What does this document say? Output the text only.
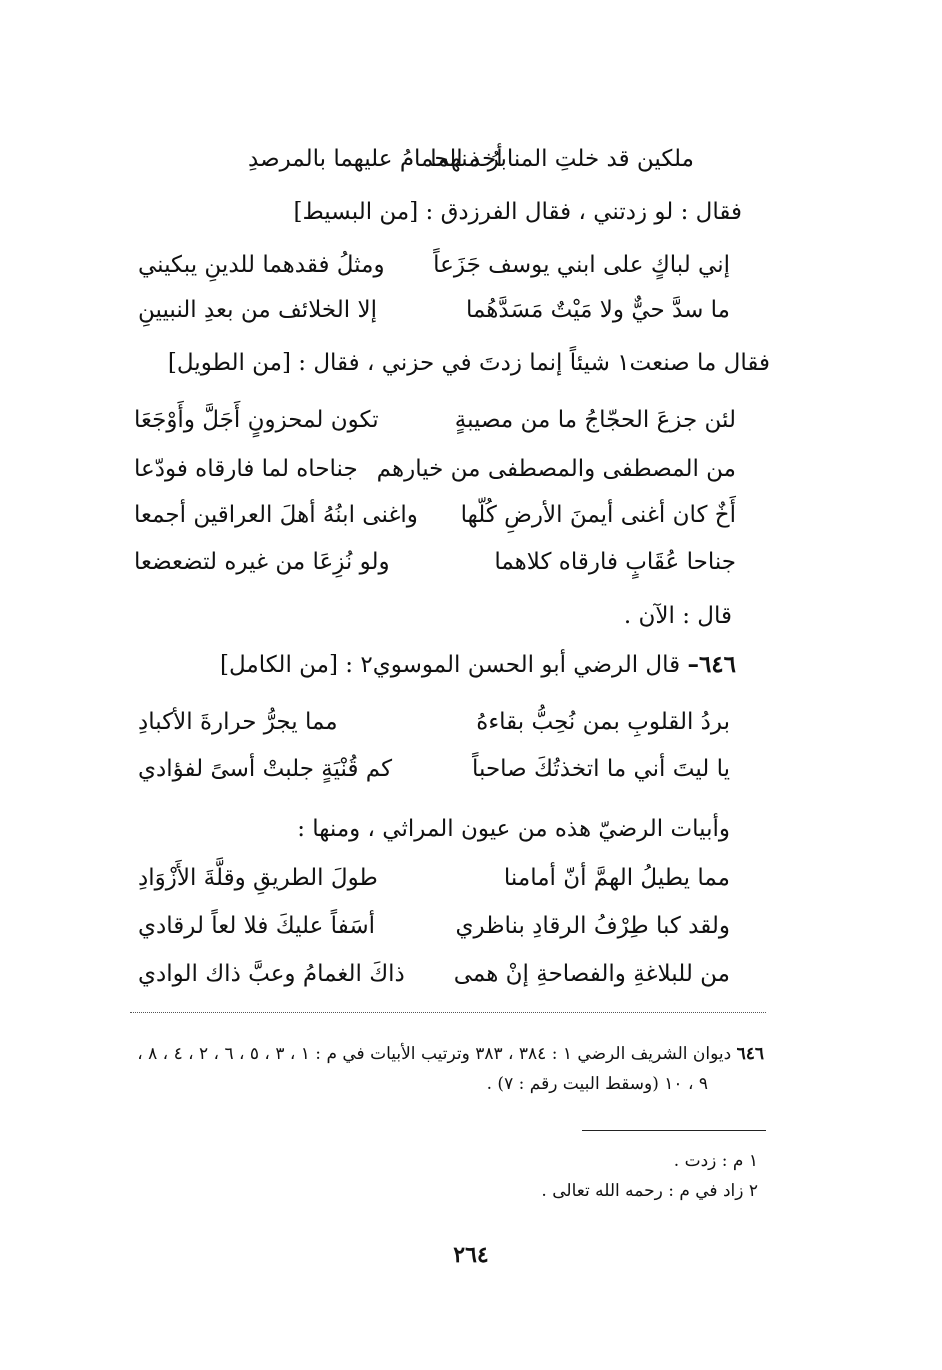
ملكين قد خلتِ المنابرُ منهما
أخذ الحمامُ عليهما بالمرصدِ
فقال : لو زدتني ، فقال الفرزدق : [من البسيط]
إني لباكٍ على ابني يوسف جَزَعاً
ومثلُ فقدهما للدينِ يبكيني
ما سدَّ حيٌّ ولا مَيْتٌ مَسَدَّهُما
إلا الخلائف من بعدِ النبيينِ
فقال ما صنعت١ شيئاً إنما زدتَ في حزني ، فقال : [من الطويل]
لئن جزعَ الحجّاجُ ما من مصيبةٍ
تكون لمحزونٍ أَجَلَّ وأَوْجَعَا
من المصطفى والمصطفى من خيارهم
جناحاه لما فارقاه فودّعا
أَخٌ كان أغنى أيمنَ الأرضِ كُلّها
واغنى ابنُهُ أهلَ العراقين أجمعا
جناحا عُقَابٍ فارقاه كلاهما
ولو نُزِعَا من غيره لتضعضعا
قال : الآن .
٦٤٦– قال الرضي أبو الحسن الموسوي٢ : [من الكامل]
بردُ القلوبِ بمن نُحِبُّ بقاءهُ
مما يجرُّ حرارةَ الأكبادِ
يا ليتَ أني ما اتخذتُكَ صاحباً
كم قُنْيَةٍ جلبتْ أسىً لفؤادي
وأبيات الرضيّ هذه من عيون المراثي ، ومنها :
مما يطيلُ الهمَّ أنّ أمامنا
طولَ الطريقِ وقلَّةَ الأَزْوَادِ
ولقد كبا طِرْفُ الرقادِ بناظري
أسَفاً عليكَ فلا لعاً لرقادي
من للبلاغةِ والفصاحةِ إنْ همى
ذاكَ الغمامُ وعبَّ ذاك الوادي
٦٤٦ ديوان الشريف الرضي ١ : ٣٨٤ ، ٣٨٣ وترتيب الأبيات في م : ١ ، ٣ ، ٥ ، ٦ ، ٢ ، ٤ ، ٨ ،
٩ ، ١٠ (وسقط البيت رقم : ٧) .
١ م : زدت .
٢ زاد في م : رحمه الله تعالى .
٢٦٤
